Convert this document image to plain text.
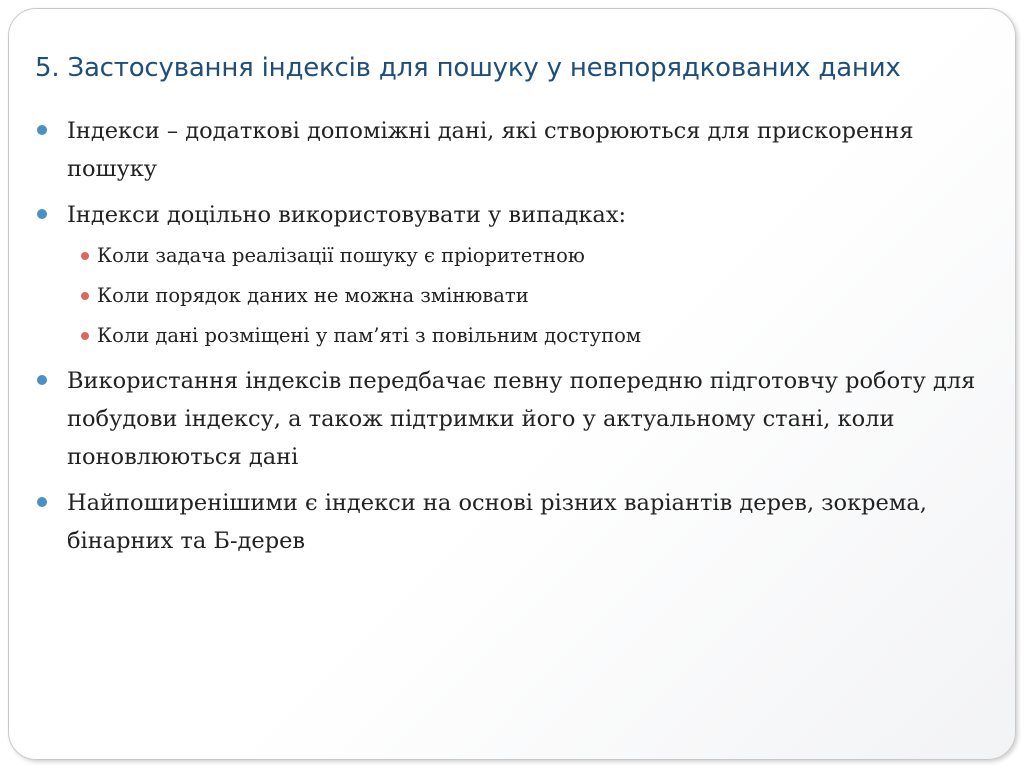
5. Застосування індексів для пошуку у невпорядкованих даних
Індекси – додаткові допоміжні дані, які створюються для прискорення пошуку
Індекси доцільно використовувати у випадках:
Коли задача реалізації пошуку є пріоритетною
Коли порядок даних не можна змінювати
Коли дані розміщені у пам’яті з повільним доступом
Використання індексів передбачає певну попередню підготовчу роботу для побудови індексу, а також підтримки його у актуальному стані, коли поновлюються дані
Найпоширенішими є індекси на основі різних варіантів дерев, зокрема, бінарних та Б-дерев
